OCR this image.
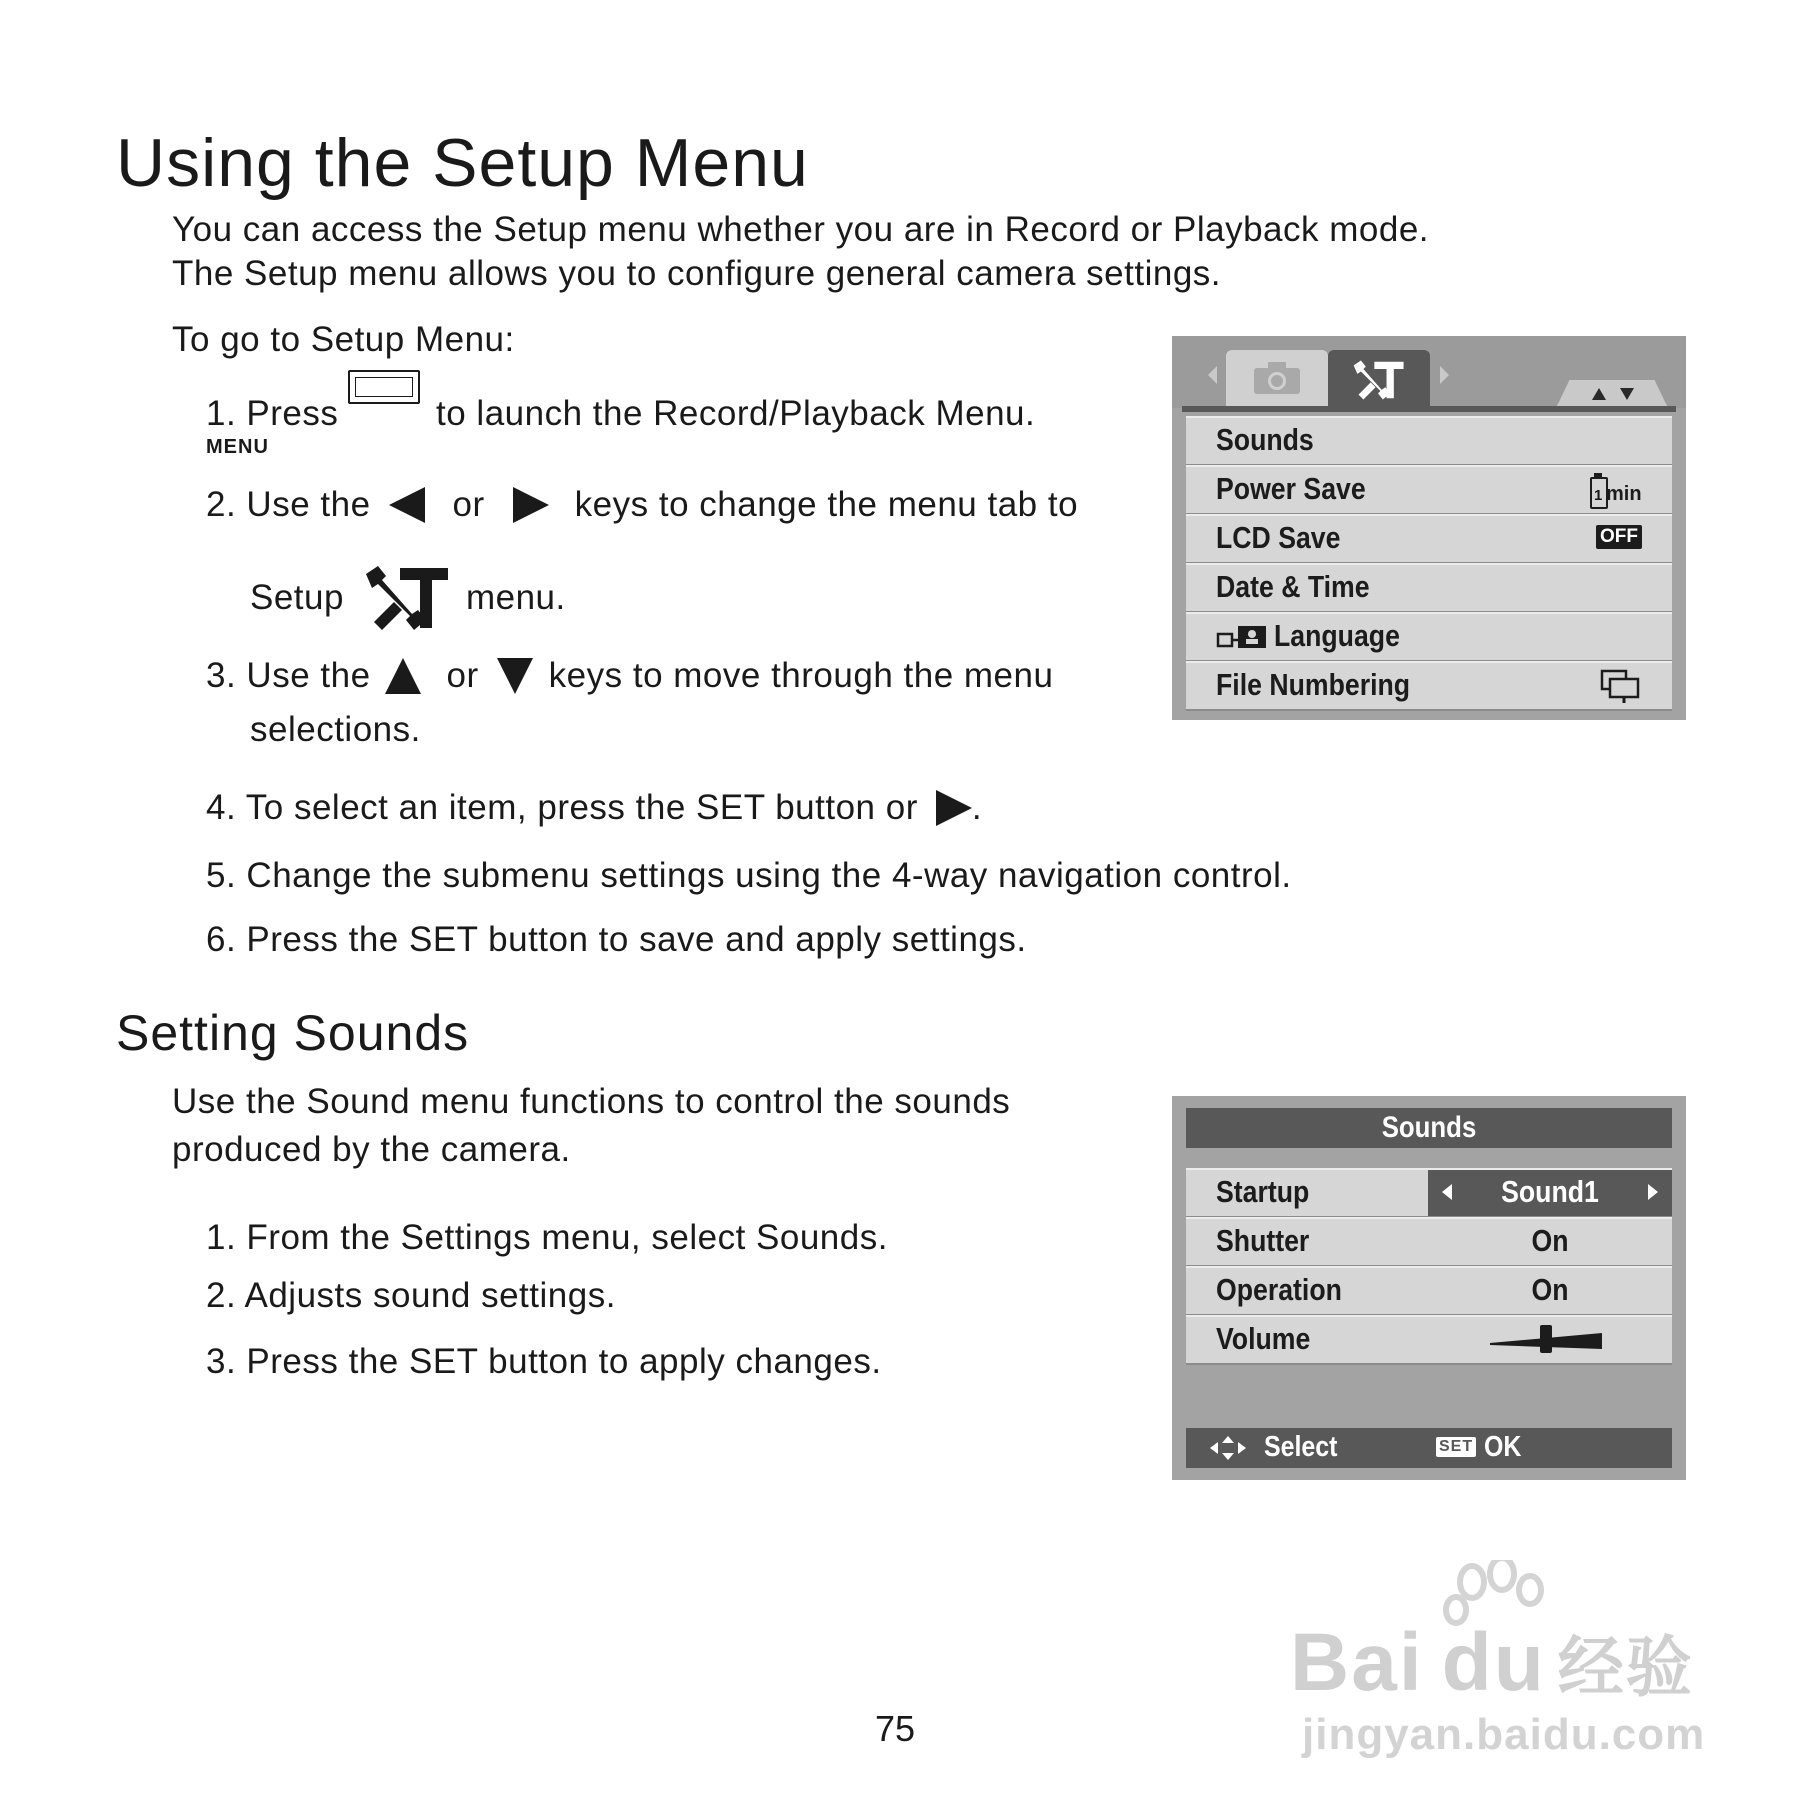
Using the Setup Menu
You can access the Setup menu whether you are in Record or Playback mode.
The Setup menu allows you to configure general camera settings.
To go to Setup Menu:
1. Press
MENU
to launch the Record/Playback Menu.
2. Use the or	keys to change the menu tab to
Setup	menu.
3. Use the or keys to move through the menu
selections.
4. To select an item, press the SET button or .
5. Change the submenu settings using the 4-way navigation control.
6. Press the SET button to save and apply settings.
Sounds
Power Save	1 min
LCD Save	OFF
Date & Time
Language
File Numbering
Setting Sounds
Use the Sound menu functions to control the sounds
produced by the camera.
1. From the Settings menu, select Sounds.
2. Adjusts sound settings.
3. Press the SET button to apply changes.
Sounds
Startup	Sound1
Shutter	On
Operation	On
Volume
Select	SET OK
75
Bai du 经验
jingyan.baidu.com
